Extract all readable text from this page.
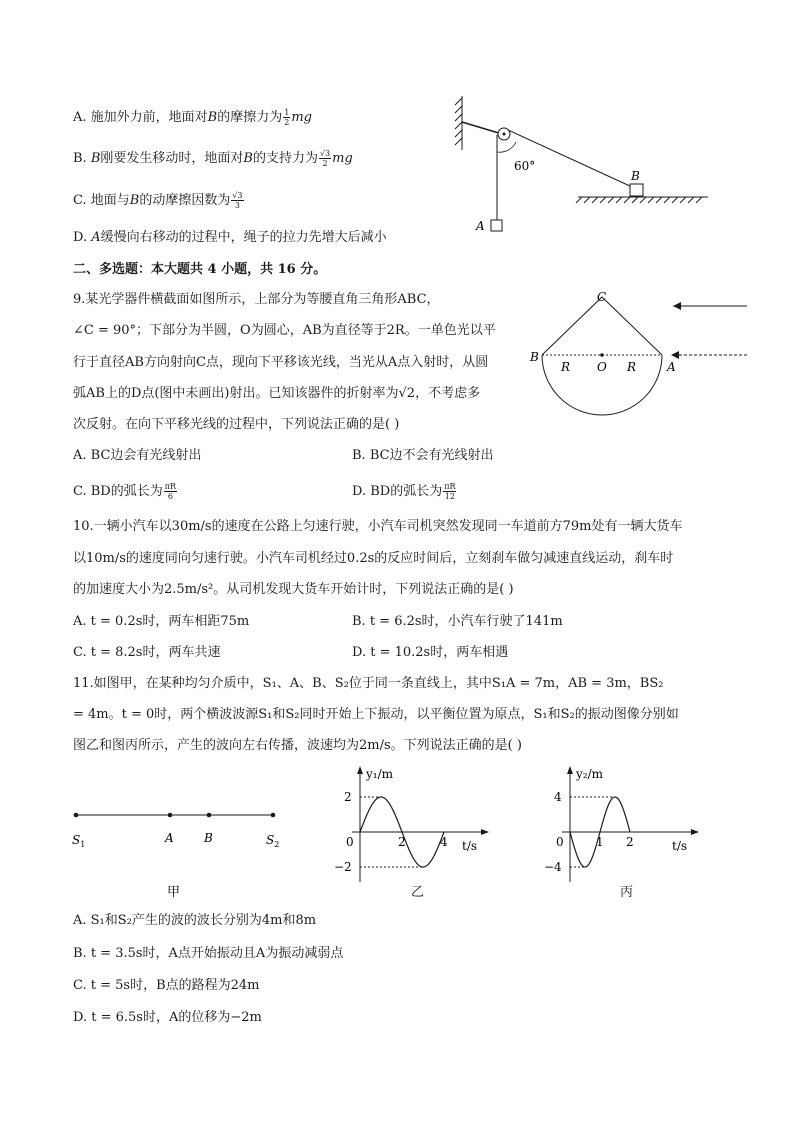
A. 施加外力前，地面对B的摩擦力为 $\frac{1}{2}$ mg
B. B刚要发生移动时，地面对B的支持力为 $\frac{√3}{2}$ mg
C. 地面与B的动摩擦因数为 $\frac{√3}{3}$
D. A缓慢向右移动的过程中，绳子的拉力先增大后减小
A
60°
B
二、多选题：本大题共 4 小题，共 16 分。
9.某光学器件横截面如图所示，上部分为等腰直角三角形ABC，
∠C = 90°；下部分为半圆，O为圆心，AB为直径等于2R。一单色光以平
行于直径AB方向射向C点，现向下平移该光线，当光从A点入射时，从圆
弧AB上的D点(图中未画出)射出。已知该器件的折射率为√2，不考虑多
次反射。在向下平移光线的过程中，下列说法正确的是( )
A. BC边会有光线射出	B. BC边不会有光线射出
C. BD的弧长为 $\frac{\pi R}{6}$	D. BD的弧长为 $\frac{\pi R}{12}$
C
B
A
O
R	R
10.一辆小汽车以30m/s的速度在公路上匀速行驶，小汽车司机突然发现同一车道前方79m处有一辆大货车
以10m/s的速度同向匀速行驶。小汽车司机经过0.2s的反应时间后，立刻刹车做匀减速直线运动，刹车时
的加速度大小为2.5m/s²。从司机发现大货车开始计时，下列说法正确的是( )
A. t = 0.2s时，两车相距75m	B. t = 6.2s时，小汽车行驶了141m
C. t = 8.2s时，两车共速	D. t = 10.2s时，两车相遇
11.如图甲，在某种均匀介质中，S₁、A、B、S₂位于同一条直线上，其中S₁A = 7m，AB = 3m，BS₂
= 4m。t = 0时，两个横波波源S₁和S₂同时开始上下振动，以平衡位置为原点，S₁和S₂的振动图像分别如
图乙和图丙所示，产生的波向左右传播，波速均为2m/s。下列说法正确的是( )
$S_1$	A	B	$S_2$
甲
y₁/m
t/s
0
2
−2
2	4
乙
y₂/m
t/s
0
4
−4
1 2
丙
A. S₁和S₂产生的波的波长分别为4m和8m
B. t = 3.5s时，A点开始振动且A为振动减弱点
C. t = 5s时，B点的路程为24m
D. t = 6.5s时，A的位移为−2m
